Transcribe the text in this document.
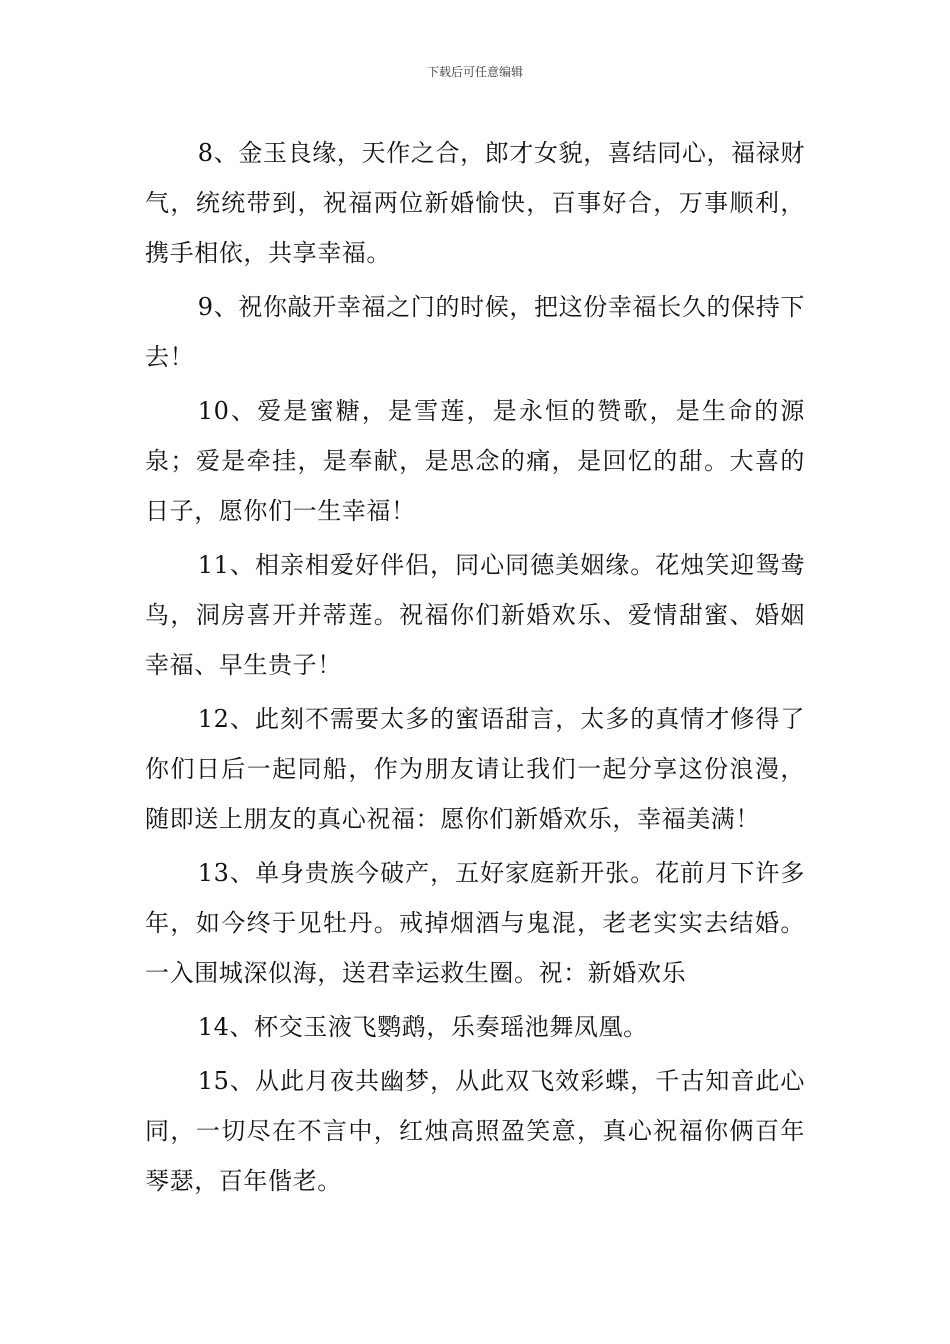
下载后可任意编辑

8、金玉良缘，天作之合，郎才女貌，喜结同心，福禄财气，统统带到，祝福两位新婚愉快，百事好合，万事顺利，携手相依，共享幸福。

9、祝你敲开幸福之门的时候，把这份幸福长久的保持下去！

10、爱是蜜糖，是雪莲，是永恒的赞歌，是生命的源泉；爱是牵挂，是奉献，是思念的痛，是回忆的甜。大喜的日子，愿你们一生幸福！

11、相亲相爱好伴侣，同心同德美姻缘。花烛笑迎鸳鸯鸟，洞房喜开并蒂莲。祝福你们新婚欢乐、爱情甜蜜、婚姻幸福、早生贵子！

12、此刻不需要太多的蜜语甜言，太多的真情才修得了你们日后一起同船，作为朋友请让我们一起分享这份浪漫，随即送上朋友的真心祝福：愿你们新婚欢乐，幸福美满！

13、单身贵族今破产，五好家庭新开张。花前月下许多年，如今终于见牡丹。戒掉烟酒与鬼混，老老实实去结婚。一入围城深似海，送君幸运救生圈。祝：新婚欢乐

14、杯交玉液飞鹦鹉，乐奏瑶池舞凤凰。

15、从此月夜共幽梦，从此双飞效彩蝶，千古知音此心同，一切尽在不言中，红烛高照盈笑意，真心祝福你俩百年琴瑟，百年偕老。
